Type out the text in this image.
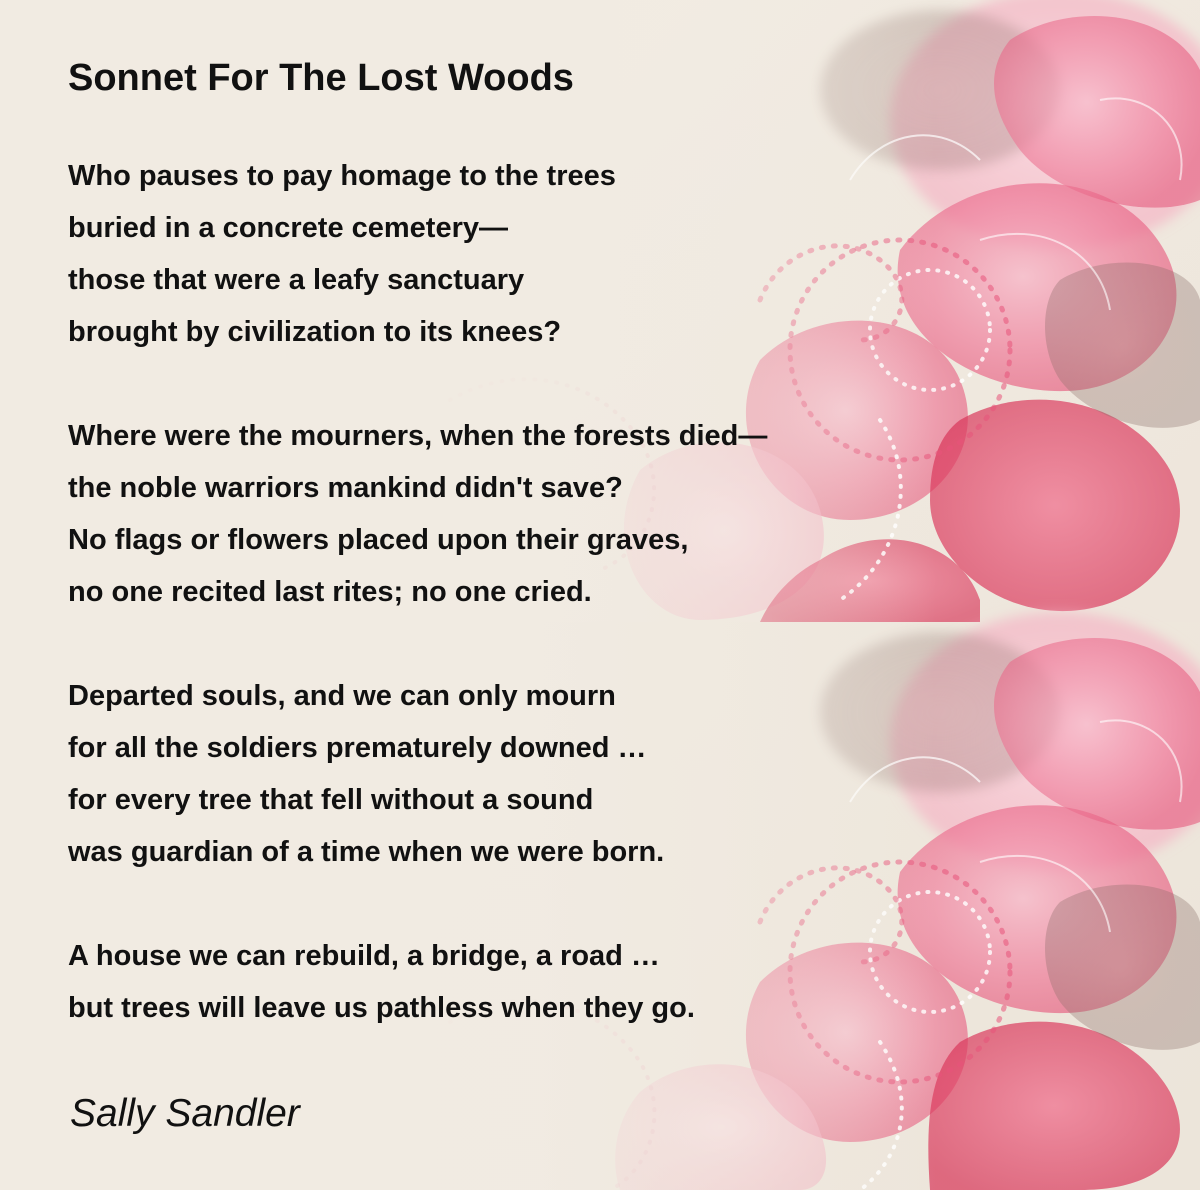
Sonnet For The Lost Woods
Who pauses to pay homage to the trees
buried in a concrete cemetery—
those that were a leafy sanctuary
brought by civilization to its knees?
Where were the mourners, when the forests died—
the noble warriors mankind didn't save?
No flags or flowers placed upon their graves,
no one recited last rites; no one cried.
Departed souls, and we can only mourn
for all the soldiers prematurely downed …
for every tree that fell without a sound
was guardian of a time when we were born.
A house we can rebuild, a bridge, a road …
but trees will leave us pathless when they go.

Sally Sandler
